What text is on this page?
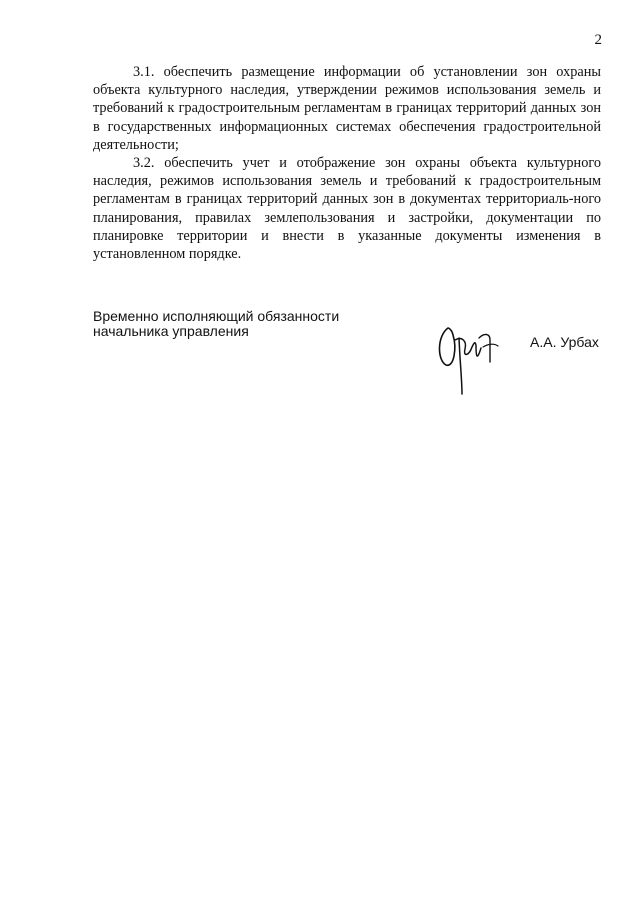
2

3.1. обеспечить размещение информации об установлении зон охраны объекта культурного наследия, утверждении режимов использования земель и требований к градостроительным регламентам в границах территорий данных зон в государственных информационных системах обеспечения градостроительной деятельности;

3.2. обеспечить учет и отображение зон охраны объекта культурного наследия, режимов использования земель и требований к градостроительным регламентам в границах территорий данных зон в документах территориаль-ного планирования, правилах землепользования и застройки, документации по планировке территории и внести в указанные документы изменения в установленном порядке.

Временно исполняющий обязанности
начальника управления
А.А. Урбах
